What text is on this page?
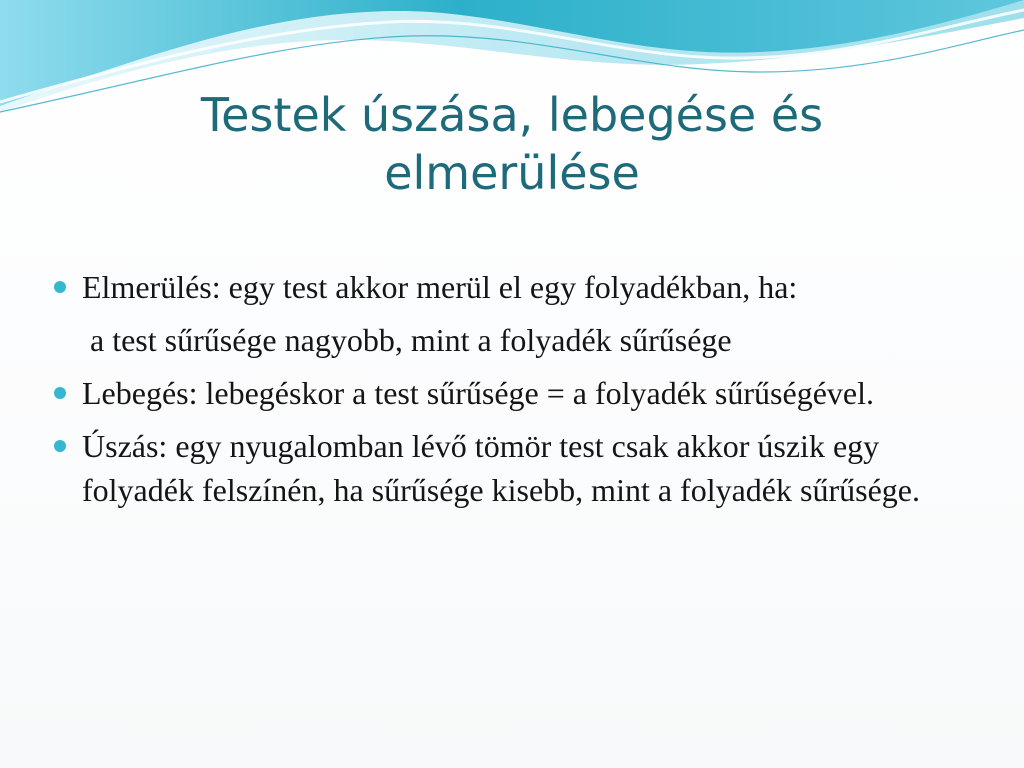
Testek úszása, lebegése és
elmerülése
Elmerülés: egy test akkor merül el egy folyadékban, ha:
a test sűrűsége nagyobb, mint a folyadék sűrűsége
Lebegés: lebegéskor a test sűrűsége = a folyadék sűrűségével.
Úszás: egy nyugalomban lévő tömör test csak akkor úszik egy folyadék felszínén, ha sűrűsége kisebb, mint a folyadék sűrűsége.
